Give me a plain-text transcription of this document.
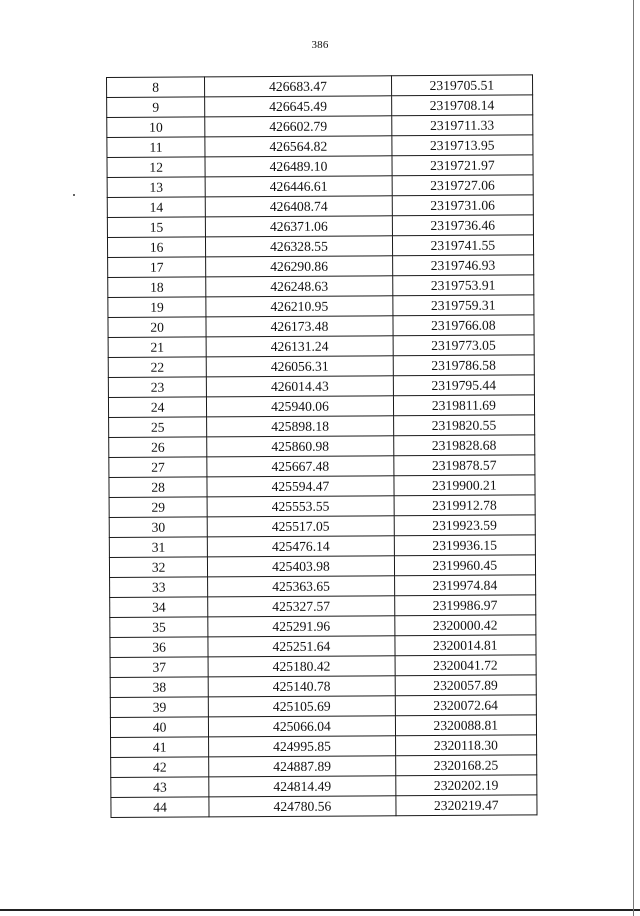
386
8	426683.47	2319705.51
9	426645.49	2319708.14
10	426602.79	2319711.33
11	426564.82	2319713.95
12	426489.10	2319721.97
13	426446.61	2319727.06
14	426408.74	2319731.06
15	426371.06	2319736.46
16	426328.55	2319741.55
17	426290.86	2319746.93
18	426248.63	2319753.91
19	426210.95	2319759.31
20	426173.48	2319766.08
21	426131.24	2319773.05
22	426056.31	2319786.58
23	426014.43	2319795.44
24	425940.06	2319811.69
25	425898.18	2319820.55
26	425860.98	2319828.68
27	425667.48	2319878.57
28	425594.47	2319900.21
29	425553.55	2319912.78
30	425517.05	2319923.59
31	425476.14	2319936.15
32	425403.98	2319960.45
33	425363.65	2319974.84
34	425327.57	2319986.97
35	425291.96	2320000.42
36	425251.64	2320014.81
37	425180.42	2320041.72
38	425140.78	2320057.89
39	425105.69	2320072.64
40	425066.04	2320088.81
41	424995.85	2320118.30
42	424887.89	2320168.25
43	424814.49	2320202.19
44	424780.56	2320219.47
